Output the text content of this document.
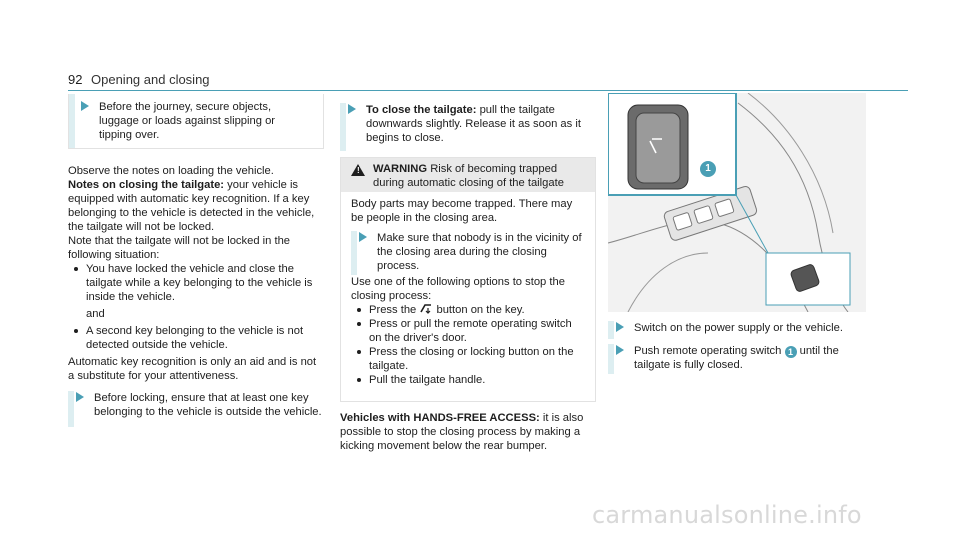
92 Opening and closing
Before the journey, secure objects, luggage or loads against slipping or tipping over.

Observe the notes on loading the vehicle.

Notes on closing the tailgate: your vehicle is equipped with automatic key recognition. If a key belonging to the vehicle is detected in the vehicle, the tailgate will not be locked.

Note that the tailgate will not be locked in the following situation:

You have locked the vehicle and close the tailgate while a key belonging to the vehicle is inside the vehicle.

and

A second key belonging to the vehicle is not detected outside the vehicle.

Automatic key recognition is only an aid and is not a substitute for your attentiveness.

Before locking, ensure that at least one key belonging to the vehicle is outside the vehicle.
To close the tailgate: pull the tailgate downwards slightly. Release it as soon as it begins to close.
! WARNING Risk of becoming trapped during automatic closing of the tailgate

Body parts may become trapped. There may be people in the closing area.

Make sure that nobody is in the vicinity of the closing area during the closing process.

Use one of the following options to stop the closing process:

Press the button on the key.
Press or pull the remote operating switch on the driver's door.
Press the closing or locking button on the tailgate.
Pull the tailgate handle.
Vehicles with HANDS-FREE ACCESS: it is also possible to stop the closing process by making a kicking movement below the rear bumper.
1
Switch on the power supply or the vehicle.
Push remote operating switch 1 until the tailgate is fully closed.
carmanualsonline.info
